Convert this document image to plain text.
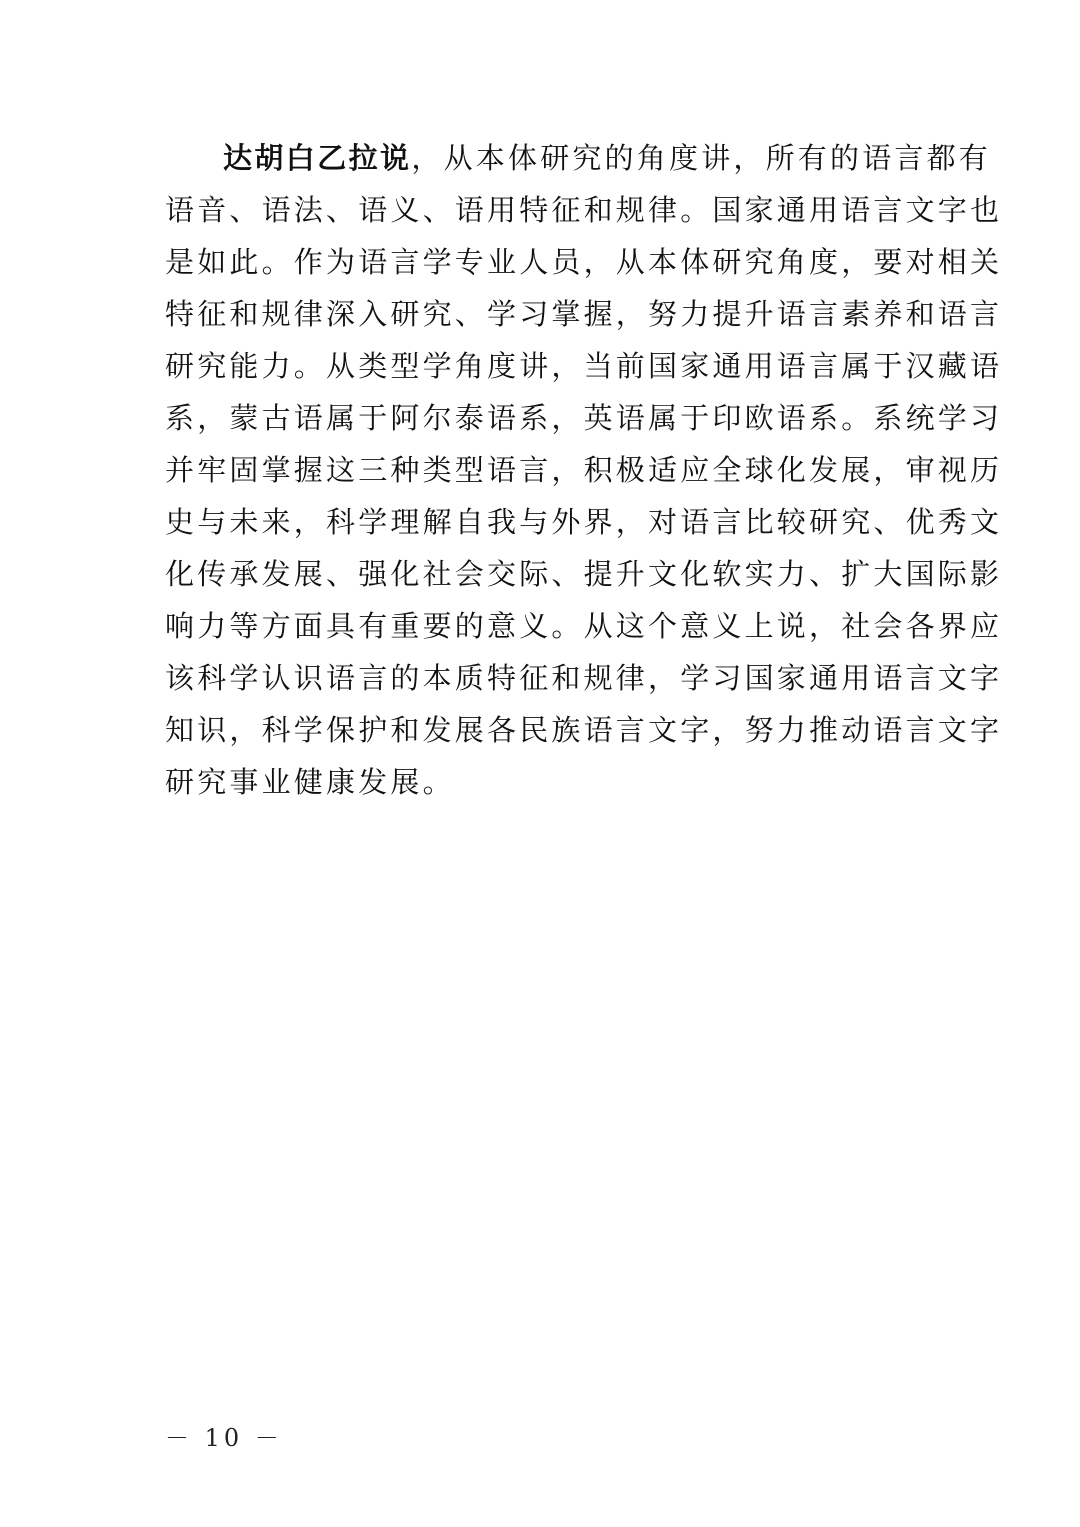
达胡白乙拉说，从本体研究的角度讲，所有的语言都有
语音、语法、语义、语用特征和规律。国家通用语言文字也
是如此。作为语言学专业人员，从本体研究角度，要对相关
特征和规律深入研究、学习掌握，努力提升语言素养和语言
研究能力。从类型学角度讲，当前国家通用语言属于汉藏语
系，蒙古语属于阿尔泰语系，英语属于印欧语系。系统学习
并牢固掌握这三种类型语言，积极适应全球化发展，审视历
史与未来，科学理解自我与外界，对语言比较研究、优秀文
化传承发展、强化社会交际、提升文化软实力、扩大国际影
响力等方面具有重要的意义。从这个意义上说，社会各界应
该科学认识语言的本质特征和规律，学习国家通用语言文字
知识，科学保护和发展各民族语言文字，努力推动语言文字
研究事业健康发展。
－ 10 －
